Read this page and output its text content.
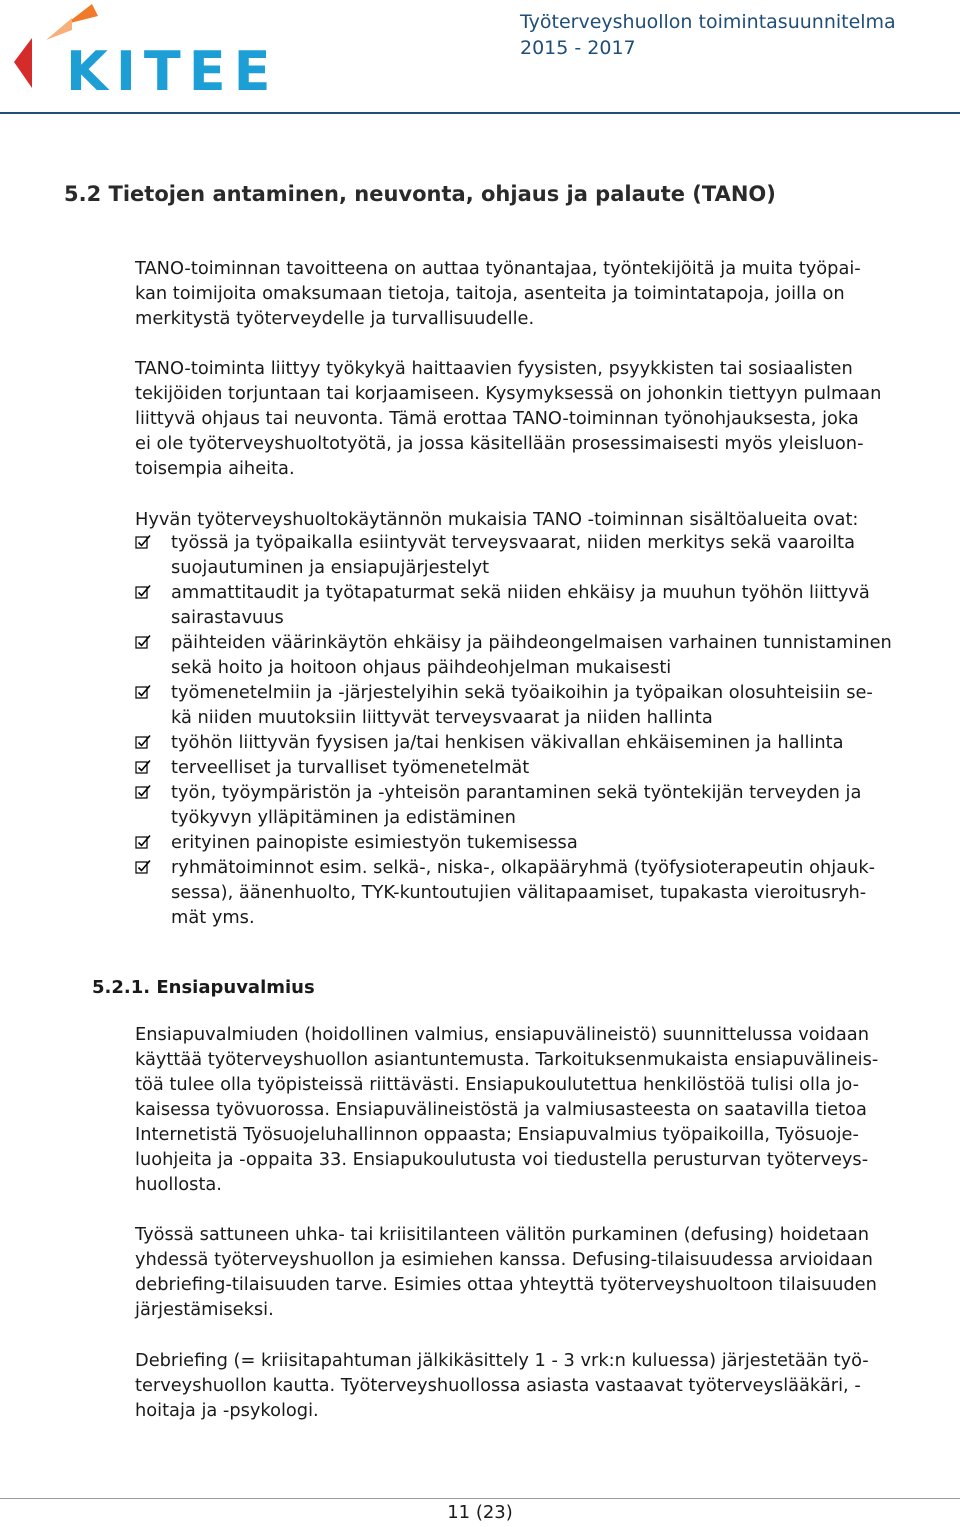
KITEE
Työterveyshuollon toimintasuunnitelma
2015 - 2017
5.2 Tietojen antaminen, neuvonta, ohjaus ja palaute (TANO)

TANO-toiminnan tavoitteena on auttaa työnantajaa, työntekijöitä ja muita työpai-
kan toimijoita omaksumaan tietoja, taitoja, asenteita ja toimintatapoja, joilla on
merkitystä työterveydelle ja turvallisuudelle.

TANO-toiminta liittyy työkykyä haittaavien fyysisten, psyykkisten tai sosiaalisten
tekijöiden torjuntaan tai korjaamiseen. Kysymyksessä on johonkin tiettyyn pulmaan
liittyvä ohjaus tai neuvonta. Tämä erottaa TANO-toiminnan työnohjauksesta, joka
ei ole työterveyshuoltotyötä, ja jossa käsitellään prosessimaisesti myös yleisluon-
toisempia aiheita.

Hyvän työterveyshuoltokäytännön mukaisia TANO -toiminnan sisältöalueita ovat:

työssä ja työpaikalla esiintyvät terveysvaarat, niiden merkitys sekä vaaroilta
suojautuminen ja ensiapujärjestelyt
ammattitaudit ja työtapaturmat sekä niiden ehkäisy ja muuhun työhön liittyvä
sairastavuus
päihteiden väärinkäytön ehkäisy ja päihdeongelmaisen varhainen tunnistaminen
sekä hoito ja hoitoon ohjaus päihdeohjelman mukaisesti
työmenetelmiin ja -järjestelyihin sekä työaikoihin ja työpaikan olosuhteisiin se-
kä niiden muutoksiin liittyvät terveysvaarat ja niiden hallinta
työhön liittyvän fyysisen ja/tai henkisen väkivallan ehkäiseminen ja hallinta
terveelliset ja turvalliset työmenetelmät
työn, työympäristön ja -yhteisön parantaminen sekä työntekijän terveyden ja
työkyvyn ylläpitäminen ja edistäminen
erityinen painopiste esimiestyön tukemisessa
ryhmätoiminnot esim. selkä-, niska-, olkapääryhmä (työfysioterapeutin ohjauk-
sessa), äänenhuolto, TYK-kuntoutujien välitapaamiset, tupakasta vieroitusryh-
mät yms.
5.2.1. Ensiapuvalmius

Ensiapuvalmiuden (hoidollinen valmius, ensiapuvälineistö) suunnittelussa voidaan
käyttää työterveyshuollon asiantuntemusta. Tarkoituksenmukaista ensiapuvälineis-
töä tulee olla työpisteissä riittävästi. Ensiapukoulutettua henkilöstöä tulisi olla jo-
kaisessa työvuorossa. Ensiapuvälineistöstä ja valmiusasteesta on saatavilla tietoa
Internetistä Työsuojeluhallinnon oppaasta; Ensiapuvalmius työpaikoilla, Työsuoje-
luohjeita ja -oppaita 33. Ensiapukoulutusta voi tiedustella perusturvan työterveys-
huollosta.

Työssä sattuneen uhka- tai kriisitilanteen välitön purkaminen (defusing) hoidetaan
yhdessä työterveyshuollon ja esimiehen kanssa. Defusing-tilaisuudessa arvioidaan
debriefing-tilaisuuden tarve. Esimies ottaa yhteyttä työterveyshuoltoon tilaisuuden
järjestämiseksi.

Debriefing (= kriisitapahtuman jälkikäsittely 1 - 3 vrk:n kuluessa) järjestetään työ-
terveyshuollon kautta. Työterveyshuollossa asiasta vastaavat työterveyslääkäri, -
hoitaja ja -psykologi.

11 (23)
